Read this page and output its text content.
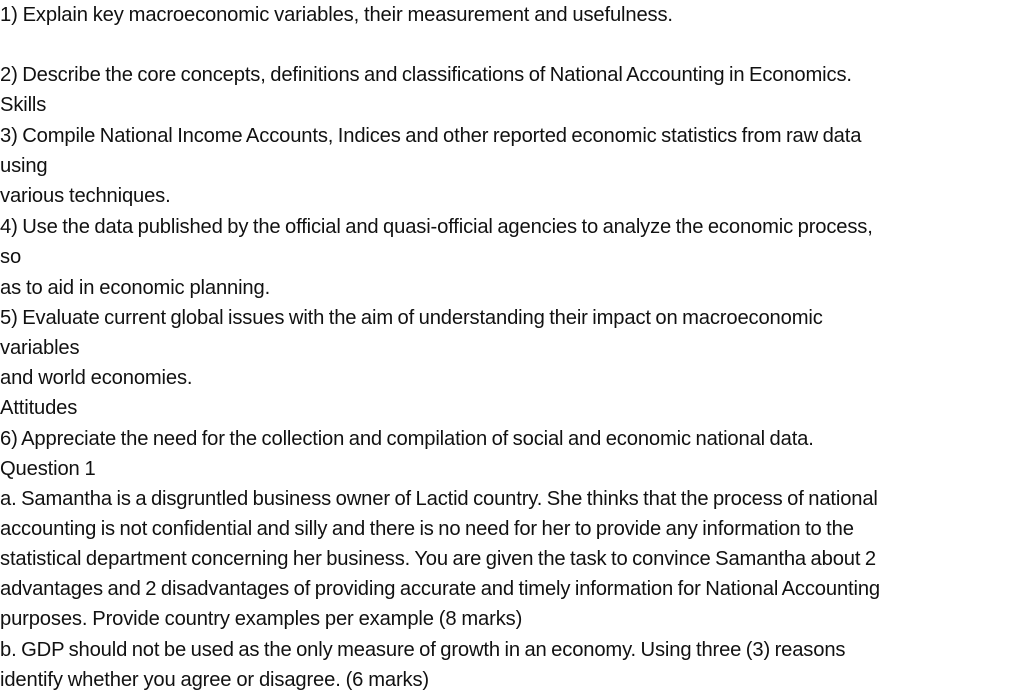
1) Explain key macroeconomic variables, their measurement and usefulness.
2) Describe the core concepts, definitions and classifications of National Accounting in Economics.
Skills
3) Compile National Income Accounts, Indices and other reported economic statistics from raw data
using
various techniques.
4) Use the data published by the official and quasi-official agencies to analyze the economic process,
so
as to aid in economic planning.
5) Evaluate current global issues with the aim of understanding their impact on macroeconomic
variables
and world economies.
Attitudes
6) Appreciate the need for the collection and compilation of social and economic national data.
Question 1
a. Samantha is a disgruntled business owner of Lactid country. She thinks that the process of national
accounting is not confidential and silly and there is no need for her to provide any information to the
statistical department concerning her business. You are given the task to convince Samantha about 2
advantages and 2 disadvantages of providing accurate and timely information for National Accounting
purposes. Provide country examples per example (8 marks)
b. GDP should not be used as the only measure of growth in an economy. Using three (3) reasons
identify whether you agree or disagree. (6 marks)
